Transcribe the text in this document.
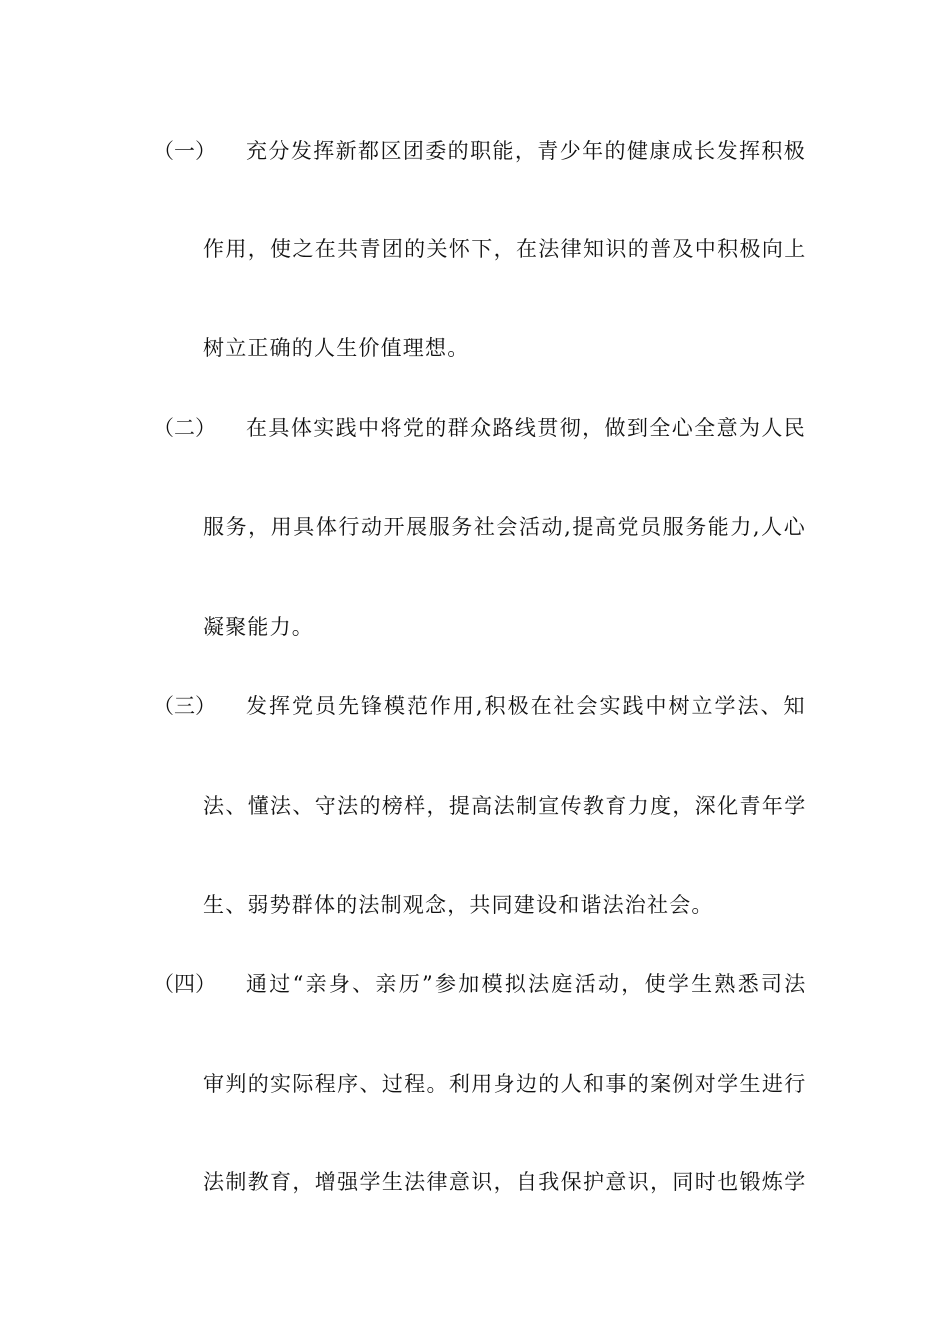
（一） 充分发挥新都区团委的职能，青少年的健康成长发挥积极
作用，使之在共青团的关怀下，在法律知识的普及中积极向上
树立正确的人生价值理想。
（二） 在具体实践中将党的群众路线贯彻，做到全心全意为人民
服务，用具体行动开展服务社会活动,提高党员服务能力,人心
凝聚能力。
（三） 发挥党员先锋模范作用,积极在社会实践中树立学法、知
法、懂法、守法的榜样，提高法制宣传教育力度，深化青年学
生、弱势群体的法制观念，共同建设和谐法治社会。
（四） 通过“亲身、亲历”参加模拟法庭活动，使学生熟悉司法
审判的实际程序、过程。利用身边的人和事的案例对学生进行
法制教育，增强学生法律意识，自我保护意识，同时也锻炼学
